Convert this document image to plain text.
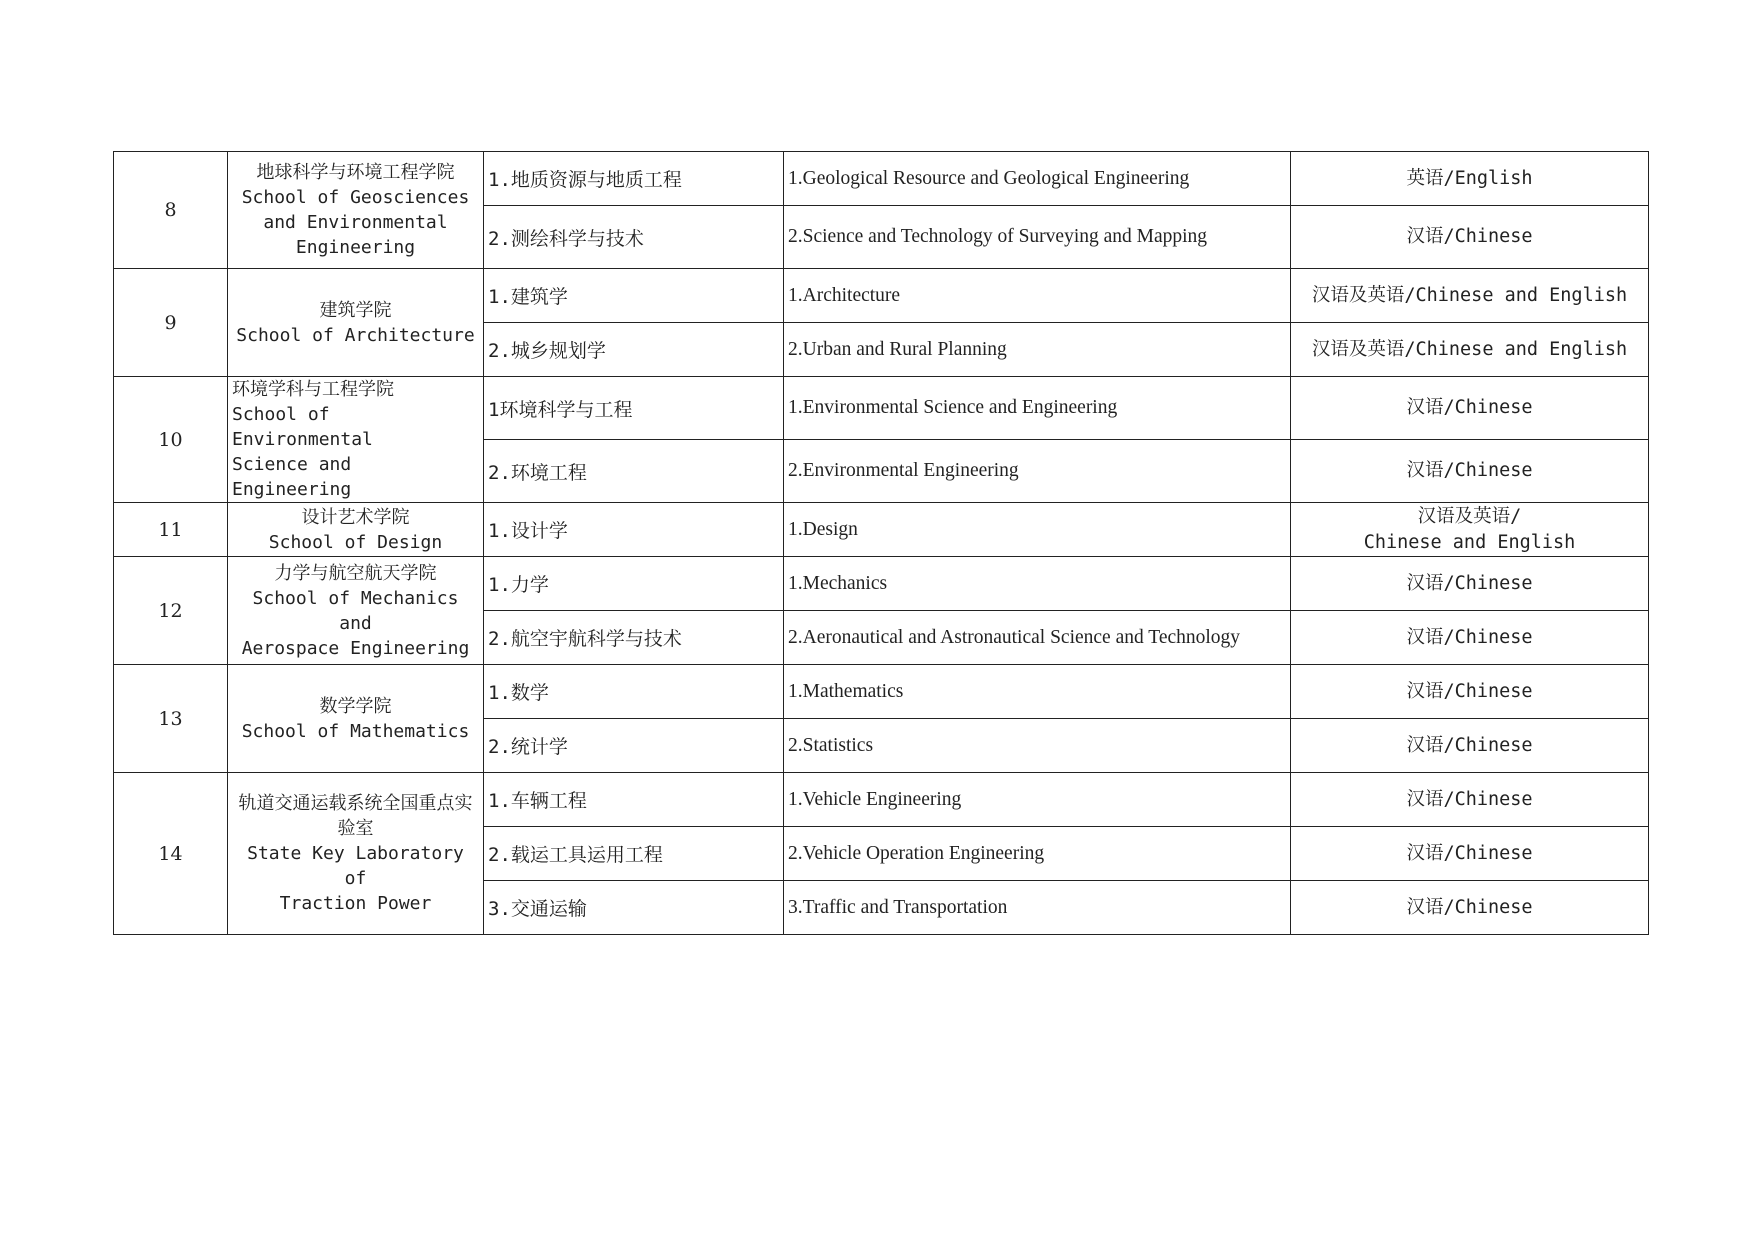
8	地球科学与环境工程学院
School of Geosciences
and Environmental
Engineering	1.地质资源与地质工程	1.Geological Resource and Geological Engineering	英语/English

		2.测绘科学与技术	2.Science and Technology of Surveying and Mapping	汉语/Chinese

9	建筑学院
School of Architecture	1.建筑学	1.Architecture	汉语及英语/Chinese and English

		2.城乡规划学	2.Urban and Rural Planning	汉语及英语/Chinese and English

10	环境学科与工程学院
School of Environmental
Science and Engineering	1环境科学与工程	1.Environmental Science and Engineering	汉语/Chinese

		2.环境工程	2.Environmental Engineering	汉语/Chinese

11	设计艺术学院
School of Design	1.设计学	1.Design	汉语及英语/
Chinese and English

12	力学与航空航天学院
School of Mechanics and
Aerospace Engineering	1.力学	1.Mechanics	汉语/Chinese

		2.航空宇航科学与技术	2.Aeronautical and Astronautical Science and Technology	汉语/Chinese

13	数学学院
School of Mathematics	1.数学	1.Mathematics	汉语/Chinese

		2.统计学	2.Statistics	汉语/Chinese

14	轨道交通运载系统全国重点实验室
State Key Laboratory of
Traction Power	1.车辆工程	1.Vehicle Engineering	汉语/Chinese

		2.载运工具运用工程	2.Vehicle Operation Engineering	汉语/Chinese

		3.交通运输	3.Traffic and Transportation	汉语/Chinese
